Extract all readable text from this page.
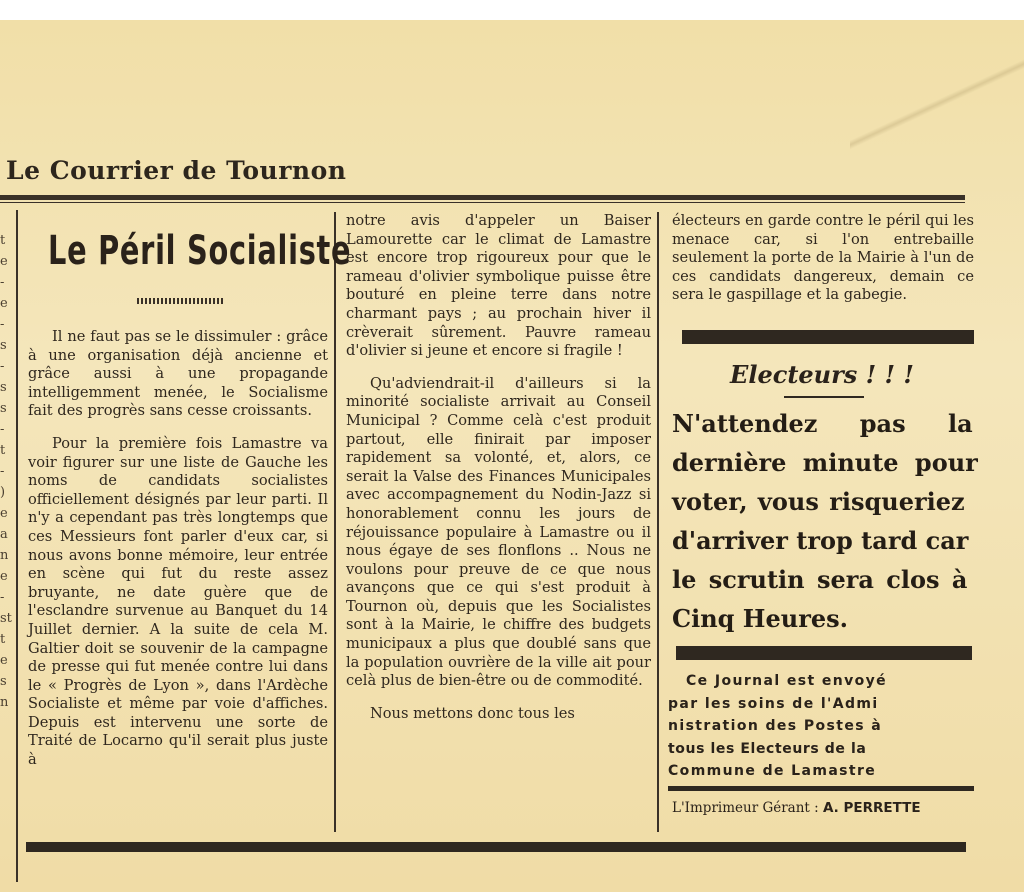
Le Courrier de Tournon
t
e
-
e
-
s
-
s
s
-
t
-
)
e
a
n
e
-
st
t
e
s
n
Le Péril Socialiste

Il ne faut pas se le dissimuler : grâce à une organisation déjà ancienne et grâce aussi à une propagande intelligemment menée, le Socialisme fait des progrès sans cesse croissants.

Pour la première fois Lamastre va voir figurer sur une liste de Gauche les noms de candidats socialistes officiellement désignés par leur parti. Il n'y a cependant pas très longtemps que ces Messieurs font parler d'eux car, si nous avons bonne mémoire, leur entrée en scène qui fut du reste assez bruyante, ne date guère que de l'esclandre survenue au Banquet du 14 Juillet dernier. A la suite de cela M. Galtier doit se souvenir de la campagne de presse qui fut menée contre lui dans le « Progrès de Lyon », dans l'Ardèche Socialiste et même par voie d'affiches. Depuis est intervenu une sorte de Traité de Locarno qu'il serait plus juste à

notre avis d'appeler un Baiser Lamourette car le climat de Lamastre est encore trop rigoureux pour que le rameau d'olivier symbolique puisse être bouturé en pleine terre dans notre charmant pays ; au prochain hiver il crèverait sûrement. Pauvre rameau d'olivier si jeune et encore si fragile !

Qu'adviendrait-il d'ailleurs si la minorité socialiste arrivait au Conseil Municipal ? Comme celà c'est produit partout, elle finirait par imposer rapidement sa volonté, et, alors, ce serait la Valse des Finances Municipales avec accompagnement du Nodin-Jazz si honorablement connu les jours de réjouissance populaire à Lamastre ou il nous égaye de ses flonflons .. Nous ne voulons pour preuve de ce que nous avançons que ce qui s'est produit à Tournon où, depuis que les Socialistes sont à la Mairie, le chiffre des budgets municipaux a plus que doublé sans que la population ouvrière de la ville ait pour celà plus de bien-être ou de commodité.

Nous mettons donc tous les

électeurs en garde contre le péril qui les menace car, si l'on entrebaille seulement la porte de la Mairie à l'un de ces candidats dangereux, demain ce sera le gaspillage et la gabegie.

Electeurs ! ! !
N'attendez pas la
dernière minute pour
voter, vous risqueriez
d'arriver trop tard car
le scrutin sera clos à
Cinq Heures.
Ce Journal est envoyé
par les soins de l'Admi
nistration des Postes à
tous les Electeurs de la
Commune de Lamastre
L'Imprimeur Gérant : A. PERRETTE
